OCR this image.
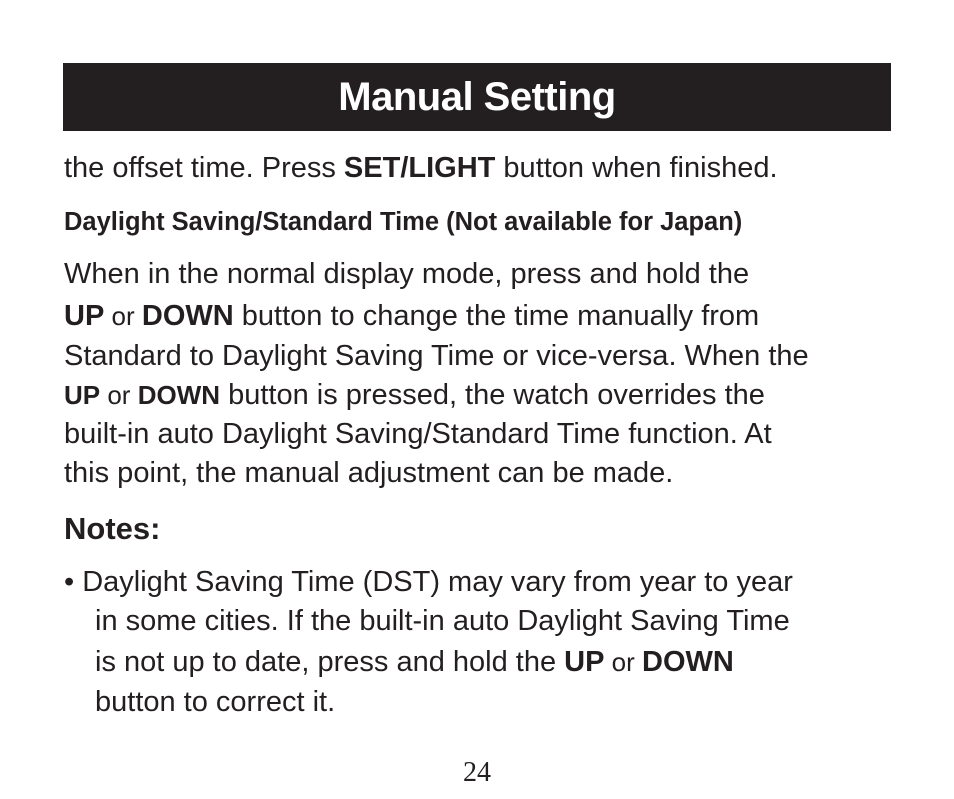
Manual Setting
the offset time. Press SET/LIGHT button when finished.
Daylight Saving/Standard Time (Not available for Japan)
When in the normal display mode, press and hold the
UP or DOWN button to change the time manually from
Standard to Daylight Saving Time or vice-versa. When the
UP or DOWN button is pressed, the watch overrides the
built-in auto Daylight Saving/Standard Time function. At
this point, the manual adjustment can be made.
Notes:
• Daylight Saving Time (DST) may vary from year to year
in some cities. If the built-in auto Daylight Saving Time
is not up to date, press and hold the UP or DOWN
button to correct it.
24
